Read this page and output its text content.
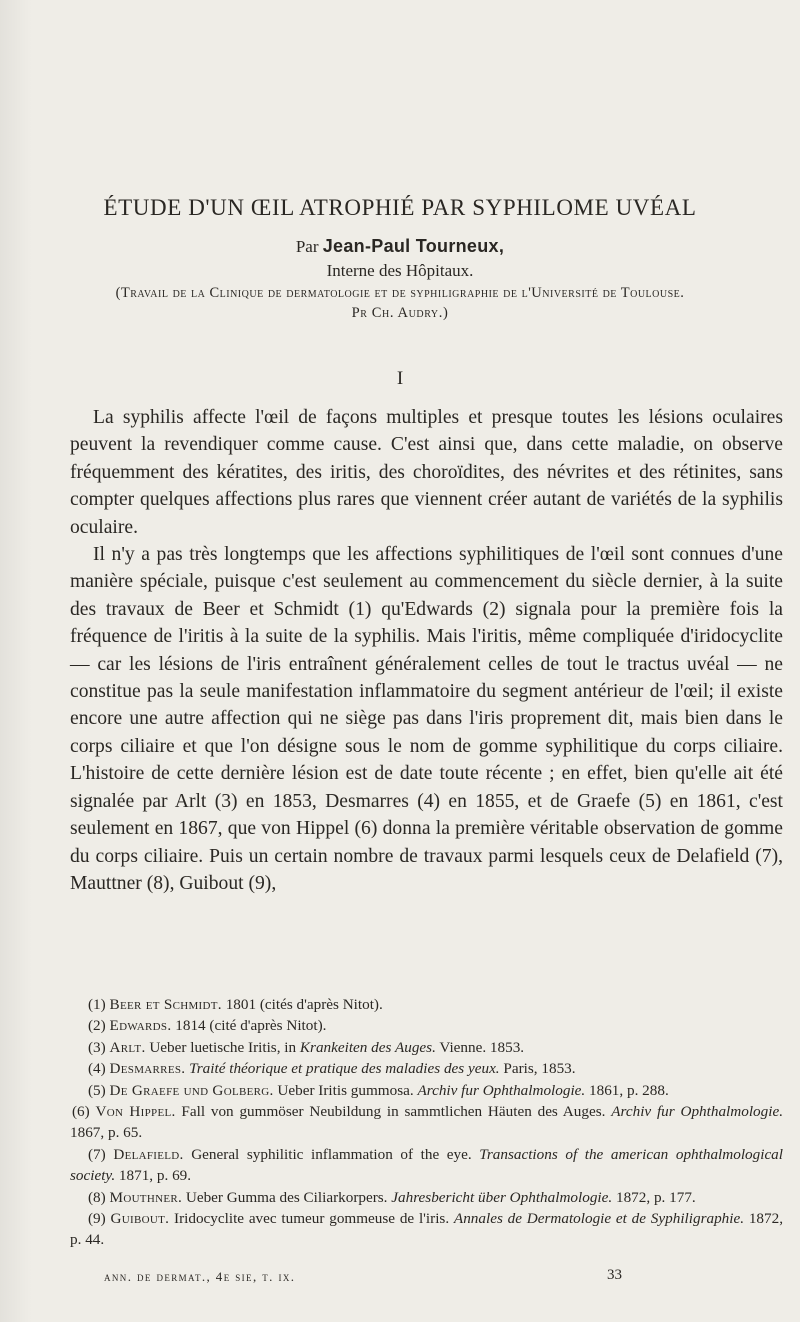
ÉTUDE D'UN ŒIL ATROPHIÉ PAR SYPHILOME UVÉAL
Par Jean-Paul Tourneux,
Interne des Hôpitaux.
(Travail de la Clinique de dermatologie et de syphiligraphie de l'Université de Toulouse.
Pr Ch. Audry.)
I

La syphilis affecte l'œil de façons multiples et presque toutes les lésions oculaires peuvent la revendiquer comme cause. C'est ainsi que, dans cette maladie, on observe fréquemment des kératites, des iritis, des choroïdites, des névrites et des rétinites, sans compter quelques affections plus rares que viennent créer autant de variétés de la syphilis oculaire.

Il n'y a pas très longtemps que les affections syphilitiques de l'œil sont connues d'une manière spéciale, puisque c'est seulement au commencement du siècle dernier, à la suite des travaux de Beer et Schmidt (1) qu'Edwards (2) signala pour la première fois la fréquence de l'iritis à la suite de la syphilis. Mais l'iritis, même compliquée d'iridocyclite — car les lésions de l'iris entraînent généralement celles de tout le tractus uvéal — ne constitue pas la seule manifestation inflammatoire du segment antérieur de l'œil; il existe encore une autre affection qui ne siège pas dans l'iris proprement dit, mais bien dans le corps ciliaire et que l'on désigne sous le nom de gomme syphilitique du corps ciliaire. L'histoire de cette dernière lésion est de date toute récente ; en effet, bien qu'elle ait été signalée par Arlt (3) en 1853, Desmarres (4) en 1855, et de Graefe (5) en 1861, c'est seulement en 1867, que von Hippel (6) donna la première véritable observation de gomme du corps ciliaire. Puis un certain nombre de travaux parmi lesquels ceux de Delafield (7), Mauttner (8), Guibout (9),

(1) Beer et Schmidt. 1801 (cités d'après Nitot).

(2) Edwards. 1814 (cité d'après Nitot).

(3) Arlt. Ueber luetische Iritis, in Krankeiten des Auges. Vienne. 1853.

(4) Desmarres. Traité théorique et pratique des maladies des yeux. Paris, 1853.

(5) De Graefe und Golberg. Ueber Iritis gummosa. Archiv fur Ophthalmologie. 1861, p. 288.

(6) Von Hippel. Fall von gummöser Neubildung in sammtlichen Häuten des Auges. Archiv fur Ophthalmologie. 1867, p. 65.

(7) Delafield. General syphilitic inflammation of the eye. Transactions of the american ophthalmological society. 1871, p. 69.

(8) Mouthner. Ueber Gumma des Ciliarkorpers. Jahresbericht über Ophthalmologie. 1872, p. 177.

(9) Guibout. Iridocyclite avec tumeur gommeuse de l'iris. Annales de Dermatologie et de Syphiligraphie. 1872, p. 44.

ann. de dermat., 4e sie, t. ix.	33
